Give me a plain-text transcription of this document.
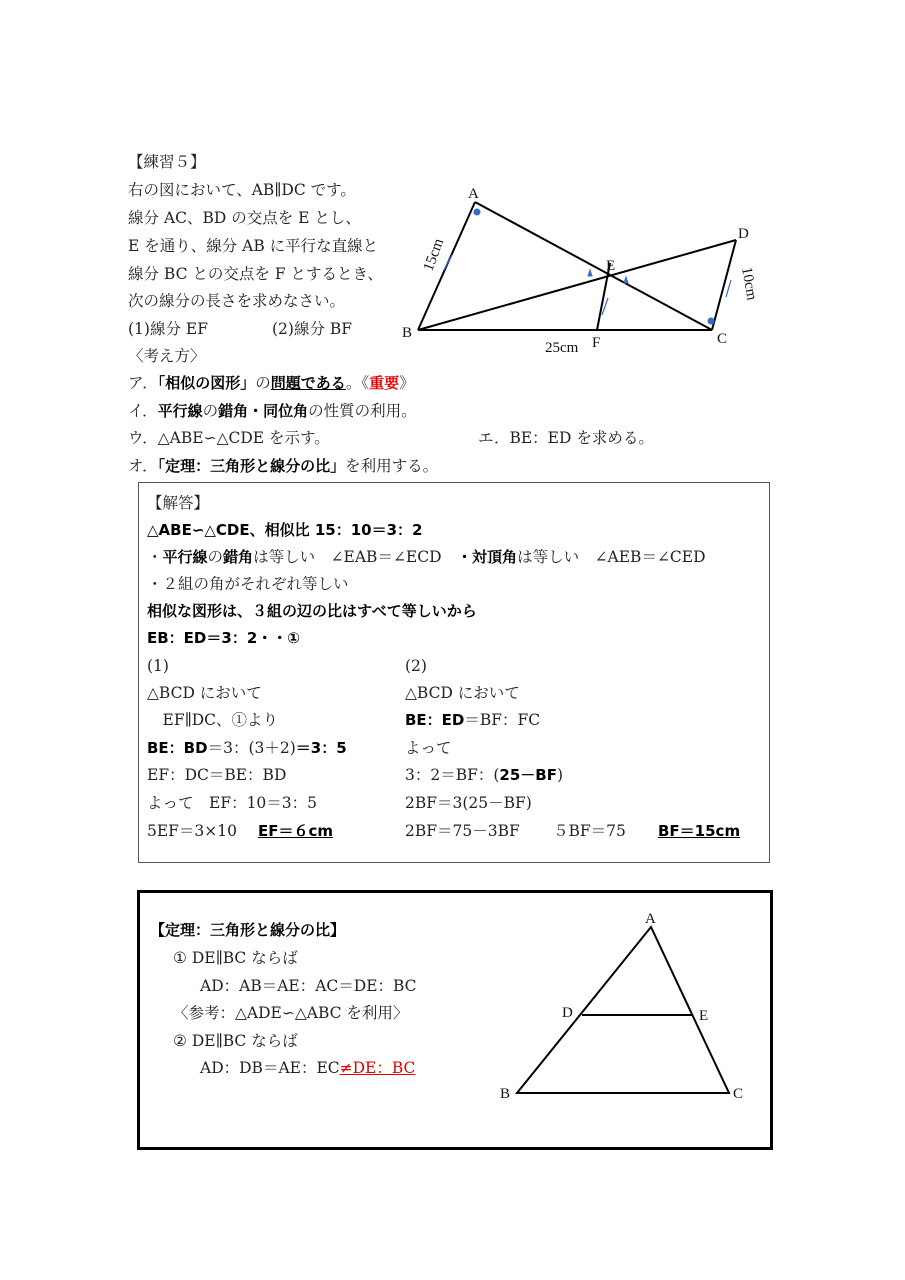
A
B	C
D
E
F
15cm
10cm
25cm
A
B	C
D	E
【練習５】
右の図において、AB∥DC です。
線分 AC、BD の交点を E とし、
E を通り、線分 AB に平行な直線と
線分 BC との交点を F とするとき、
次の線分の長さを求めなさい。
(1)線分 EF	(2)線分 BF
〈考え方〉
ア．「相似の図形」の問題である。《重要》
イ．平行線の錯角・同位角の性質の利用。
ウ．△ABE∽△CDE を示す。	エ．BE：ED を求める。
オ．「定理：三角形と線分の比」を利用する。
【解答】
△ABE∽△CDE、相似比 15：10＝3：2
・平行線の錯角は等しい　∠EAB＝∠ECD　・対頂角は等しい　∠AEB＝∠CED
・２組の角がそれぞれ等しい
相似な図形は、３組の辺の比はすべて等しいから
EB：ED＝3：2・・①
(1)
△BCD において
　EF∥DC、①より
BE：BD＝3：(3＋2)＝3：5
EF：DC＝BE：BD
よって　EF：10＝3：5
5EF＝3×10 EF＝６cm
(2)
△BCD において
BE：ED＝BF：FC
よって
3：2＝BF：(25－BF)
2BF＝3(25－BF)
2BF＝75－3BF ５BF＝75 BF＝15cm
【定理：三角形と線分の比】
① DE∥BC ならば
AD：AB＝AE：AC＝DE：BC
〈参考：△ADE∽△ABC を利用〉
② DE∥BC ならば
AD：DB＝AE：EC≠DE：BC
